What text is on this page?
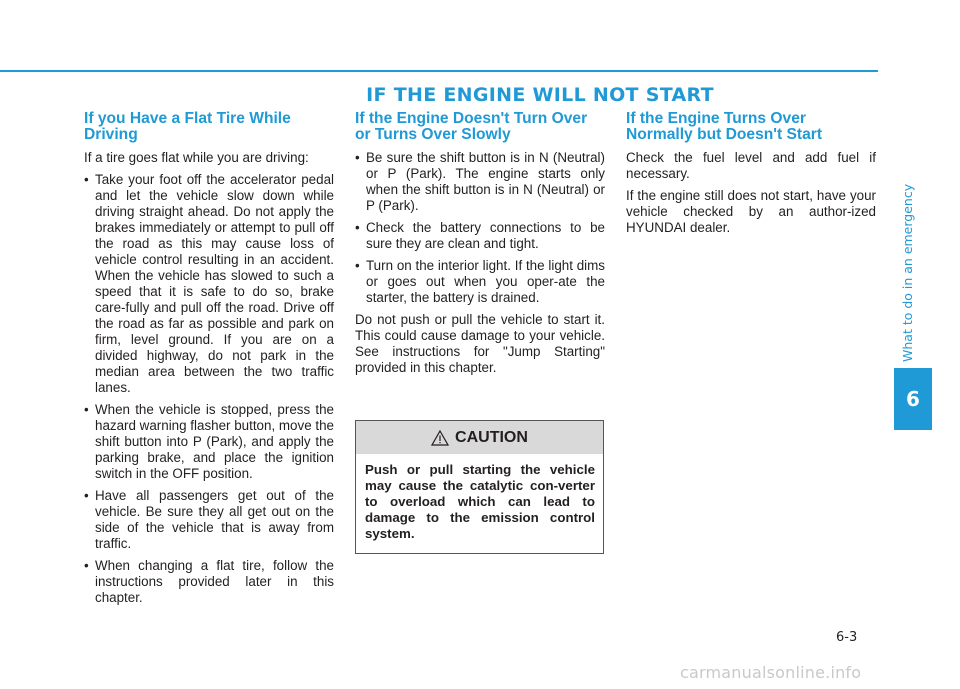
IF THE ENGINE WILL NOT START
What to do in an emergency
6
If you Have a Flat Tire While Driving

If a tire goes flat while you are driving:

• Take your foot off the accelerator pedal and let the vehicle slow down while driving straight ahead. Do not apply the brakes immediately or attempt to pull off the road as this may cause loss of vehicle control resulting in an accident. When the vehicle has slowed to such a speed that it is safe to do so, brake care-fully and pull off the road. Drive off the road as far as possible and park on firm, level ground. If you are on a divided highway, do not park in the median area between the two traffic lanes.
• When the vehicle is stopped, press the hazard warning flasher button, move the shift button into P (Park), and apply the parking brake, and place the ignition switch in the OFF position.
• Have all passengers get out of the vehicle. Be sure they all get out on the side of the vehicle that is away from traffic.
• When changing a flat tire, follow the instructions provided later in this chapter.
If the Engine Doesn't Turn Over or Turns Over Slowly
• Be sure the shift button is in N (Neutral) or P (Park). The engine starts only when the shift button is in N (Neutral) or P (Park).
• Check the battery connections to be sure they are clean and tight.
• Turn on the interior light. If the light dims or goes out when you oper-ate the starter, the battery is drained.

Do not push or pull the vehicle to start it. This could cause damage to your vehicle. See instructions for "Jump Starting" provided in this chapter.

CAUTION
Push or pull starting the vehicle may cause the catalytic con-verter to overload which can lead to damage to the emission control system.
If the Engine Turns Over Normally but Doesn't Start

Check the fuel level and add fuel if necessary.

If the engine still does not start, have your vehicle checked by an author-ized HYUNDAI dealer.

6-3
carmanualsonline.info
